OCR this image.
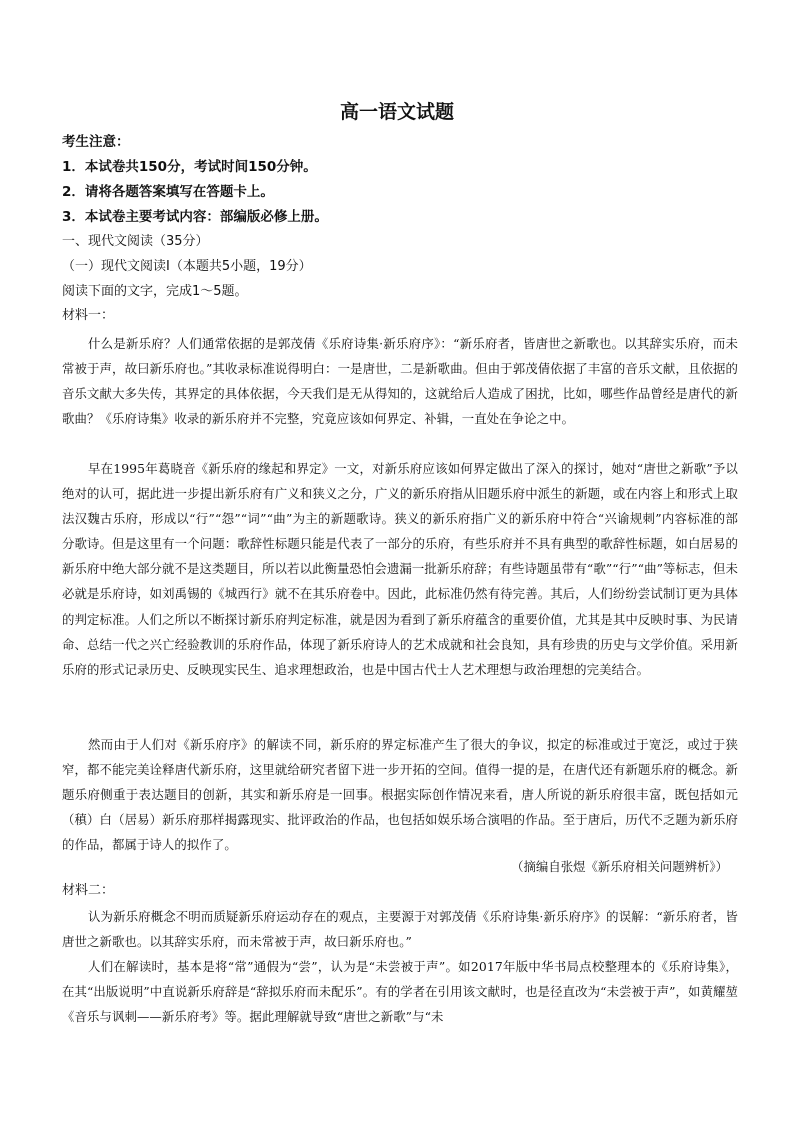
高一语文试题

考生注意：

1．本试卷共150分，考试时间150分钟。

2．请将各题答案填写在答题卡上。

3．本试卷主要考试内容：部编版必修上册。

一、现代文阅读（35分）

（一）现代文阅读Ⅰ（本题共5小题，19分）

阅读下面的文字，完成1～5题。

材料一：

什么是新乐府？人们通常依据的是郭茂倩《乐府诗集·新乐府序》：“新乐府者，皆唐世之新歌也。以其辞实乐府，而未常被于声，故曰新乐府也。”其收录标准说得明白：一是唐世，二是新歌曲。但由于郭茂倩依据了丰富的音乐文献，且依据的音乐文献大多失传，其界定的具体依据，今天我们是无从得知的，这就给后人造成了困扰，比如，哪些作品曾经是唐代的新歌曲？《乐府诗集》收录的新乐府并不完整，究竟应该如何界定、补辑，一直处在争论之中。

早在1995年葛晓音《新乐府的缘起和界定》一文，对新乐府应该如何界定做出了深入的探讨，她对“唐世之新歌”予以绝对的认可，据此进一步提出新乐府有广义和狭义之分，广义的新乐府指从旧题乐府中派生的新题，或在内容上和形式上取法汉魏古乐府，形成以“行”“怨”“词”“曲”为主的新题歌诗。狭义的新乐府指广义的新乐府中符合“兴谕规刺”内容标准的部分歌诗。但是这里有一个问题：歌辞性标题只能是代表了一部分的乐府，有些乐府并不具有典型的歌辞性标题，如白居易的新乐府中绝大部分就不是这类题目，所以若以此衡量恐怕会遗漏一批新乐府辞；有些诗题虽带有“歌”“行”“曲”等标志，但未必就是乐府诗，如刘禹锡的《城西行》就不在其乐府卷中。因此，此标准仍然有待完善。其后，人们纷纷尝试制订更为具体的判定标准。人们之所以不断探讨新乐府判定标准，就是因为看到了新乐府蕴含的重要价值，尤其是其中反映时事、为民请命、总结一代之兴亡经验教训的乐府作品，体现了新乐府诗人的艺术成就和社会良知，具有珍贵的历史与文学价值。采用新乐府的形式记录历史、反映现实民生、追求理想政治，也是中国古代士人艺术理想与政治理想的完美结合。

然而由于人们对《新乐府序》的解读不同，新乐府的界定标准产生了很大的争议，拟定的标准或过于宽泛，或过于狭窄，都不能完美诠释唐代新乐府，这里就给研究者留下进一步开拓的空间。值得一提的是，在唐代还有新题乐府的概念。新题乐府侧重于表达题目的创新，其实和新乐府是一回事。根据实际创作情况来看，唐人所说的新乐府很丰富，既包括如元（稹）白（居易）新乐府那样揭露现实、批评政治的作品，也包括如娱乐场合演唱的作品。至于唐后，历代不乏题为新乐府的作品，都属于诗人的拟作了。

（摘编自张煜《新乐府相关问题辨析》）

材料二：

认为新乐府概念不明而质疑新乐府运动存在的观点，主要源于对郭茂倩《乐府诗集·新乐府序》的误解：“新乐府者，皆唐世之新歌也。以其辞实乐府，而未常被于声，故曰新乐府也。”

人们在解读时，基本是将“常”通假为“尝”，认为是“未尝被于声”。如2017年版中华书局点校整理本的《乐府诗集》，在其“出版说明”中直说新乐府辞是“辞拟乐府而未配乐”。有的学者在引用该文献时，也是径直改为“未尝被于声”，如黄耀堃《音乐与讽刺——新乐府考》等。据此理解就导致“唐世之新歌”与“未
